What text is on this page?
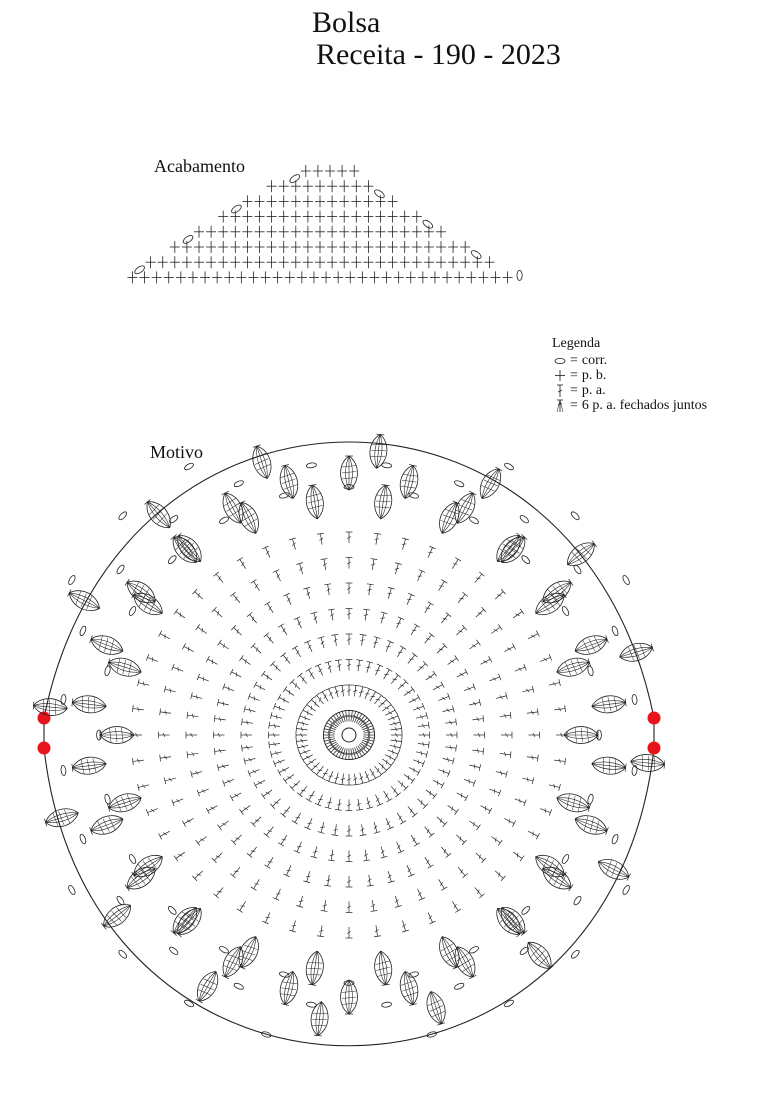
Bolsa
Receita - 190 - 2023
Acabamento
Motivo
Legenda
= corr.
= p. b.
= p. a.
= 6 p. a. fechados juntos
